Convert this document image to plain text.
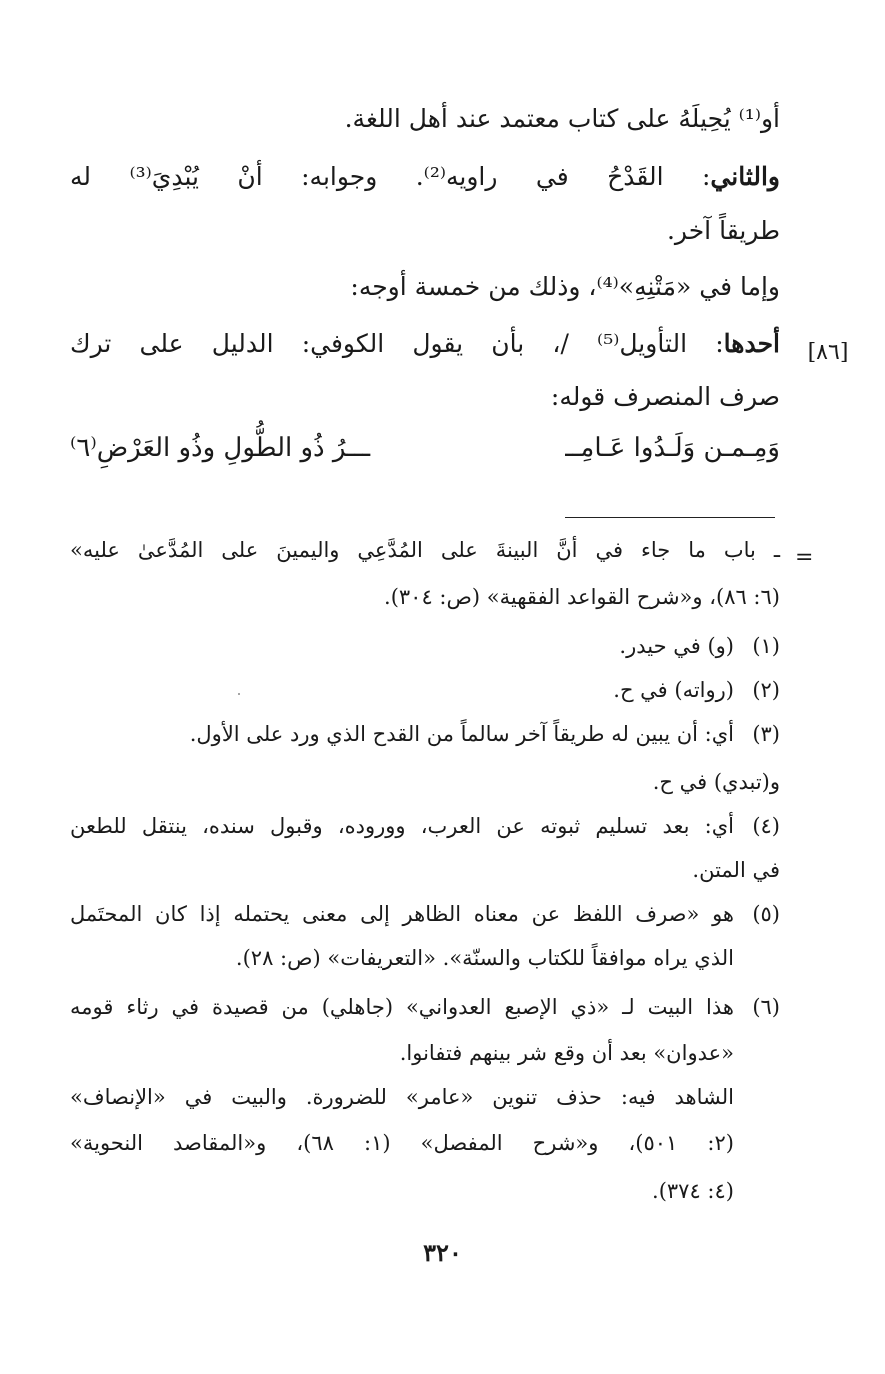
أو⁽¹⁾ يُحِيلَهُ على كتاب معتمد عند أهل اللغة.
والثاني: القَدْحُ في راويه⁽²⁾. وجوابه: أنْ يُبْدِيَ⁽³⁾ له
طريقاً آخر.
وإما في «مَتْنِهِ»⁽⁴⁾، وذلك من خمسة أوجه:
أحدها: التأويل⁽⁵⁾ /، بأن يقول الكوفي: الدليل على ترك
صرف المنصرف قوله:
وَمِـمـن وَلَـدُوا عَـامِــ
ـــرُ ذُو الطُّولِ وذُو العَرْضِ⁽٦⁾
[٨٦]
=
ـ باب ما جاء في أنَّ البينةَ على المُدَّعِي واليمينَ على المُدَّعىٰ عليه»
(٦: ٨٦)، و«شرح القواعد الفقهية» (ص: ٣٠٤).
(١)
(و) في حيدر.
(٢)
(رواته) في ح.
(٣)
أي: أن يبين له طريقاً آخر سالماً من القدح الذي ورد على الأول.
و(تبدي) في ح.
(٤)
أي: بعد تسليم ثبوته عن العرب، ووروده، وقبول سنده، ينتقل للطعن
في المتن.
(٥)
هو «صرف اللفظ عن معناه الظاهر إلى معنى يحتمله إذا كان المحتَمل
الذي يراه موافقاً للكتاب والسنّة». «التعريفات» (ص: ٢٨).
(٦)
هذا البيت لـ «ذي الإصبع العدواني» (جاهلي) من قصيدة في رثاء قومه
«عدوان» بعد أن وقع شر بينهم فتفانوا.
الشاهد فيه: حذف تنوين «عامر» للضرورة. والبيت في «الإنصاف»
(٢: ٥٠١)، و«شرح المفصل» (١: ٦٨)، و«المقاصد النحوية»
(٤: ٣٧٤).
٣٢٠
